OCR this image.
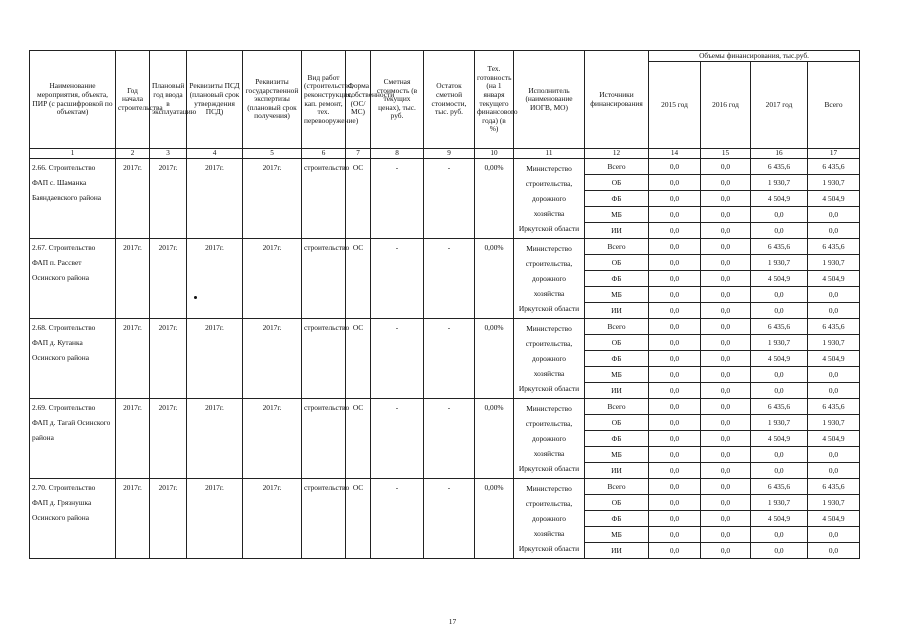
Наименование мероприятия, объекта, ПИР (с расшифровкой по объектам)	Год начала строительства	Плановый год ввода в эксплуатацию	Реквизиты ПСД (плановый срок утверждения ПСД)	Реквизиты государственной экспертизы (плановый срок получения)	Вид работ (строительство, реконструкция, кап. ремонт, тех. перевооружение)	Форма собственности (ОС/МС)	Сметная стоимость (в текущих ценах), тыс. руб.	Остаток сметной стоимости, тыс. руб.	Тех. готовность (на 1 января текущего финансового года) (в %)	Исполнитель (наименование ИОГВ, МО)	Источники финансирования	Объемы финансирования, тыс.руб.			
												2015 год	2016 год	2017 год	Всего
1	2	3	4	5	6	7	8	9	10	11	12	14	15	16	17
2.66. Строительство ФАП с. Шаманка Баяндаевского района	2017г.	2017г.	2017г.	2017г.	строительство	ОС	-	-	0,00%	Министерство строительства, дорожного хозяйства Иркутской области	Всего	0,0	0,0	6 435,6	6 435,6
											ОБ	0,0	0,0	1 930,7	1 930,7
											ФБ	0,0	0,0	4 504,9	4 504,9
											МБ	0,0	0,0	0,0	0,0
											ИИ	0,0	0,0	0,0	0,0
2.67. Строительство ФАП п. Рассвет Осинского района	2017г.	2017г.	2017г.	2017г.	строительство	ОС	-	-	0,00%	Министерство строительства, дорожного хозяйства Иркутской области	Всего	0,0	0,0	6 435,6	6 435,6
											ОБ	0,0	0,0	1 930,7	1 930,7
											ФБ	0,0	0,0	4 504,9	4 504,9
											МБ	0,0	0,0	0,0	0,0
											ИИ	0,0	0,0	0,0	0,0
2.68. Строительство ФАП д. Кутанка Осинского района	2017г.	2017г.	2017г.	2017г.	строительство	ОС	-	-	0,00%	Министерство строительства, дорожного хозяйства Иркутской области	Всего	0,0	0,0	6 435,6	6 435,6
											ОБ	0,0	0,0	1 930,7	1 930,7
											ФБ	0,0	0,0	4 504,9	4 504,9
											МБ	0,0	0,0	0,0	0,0
											ИИ	0,0	0,0	0,0	0,0
2.69. Строительство ФАП д. Тагай Осинского района	2017г.	2017г.	2017г.	2017г.	строительство	ОС	-	-	0,00%	Министерство строительства, дорожного хозяйства Иркутской области	Всего	0,0	0,0	6 435,6	6 435,6
											ОБ	0,0	0,0	1 930,7	1 930,7
											ФБ	0,0	0,0	4 504,9	4 504,9
											МБ	0,0	0,0	0,0	0,0
											ИИ	0,0	0,0	0,0	0,0
2.70. Строительство ФАП д. Грязнушка Осинского района	2017г.	2017г.	2017г.	2017г.	строительство	ОС	-	-	0,00%	Министерство строительства, дорожного хозяйства Иркутской области	Всего	0,0	0,0	6 435,6	6 435,6
											ОБ	0,0	0,0	1 930,7	1 930,7
											ФБ	0,0	0,0	4 504,9	4 504,9
											МБ	0,0	0,0	0,0	0,0
											ИИ	0,0	0,0	0,0	0,0
17
